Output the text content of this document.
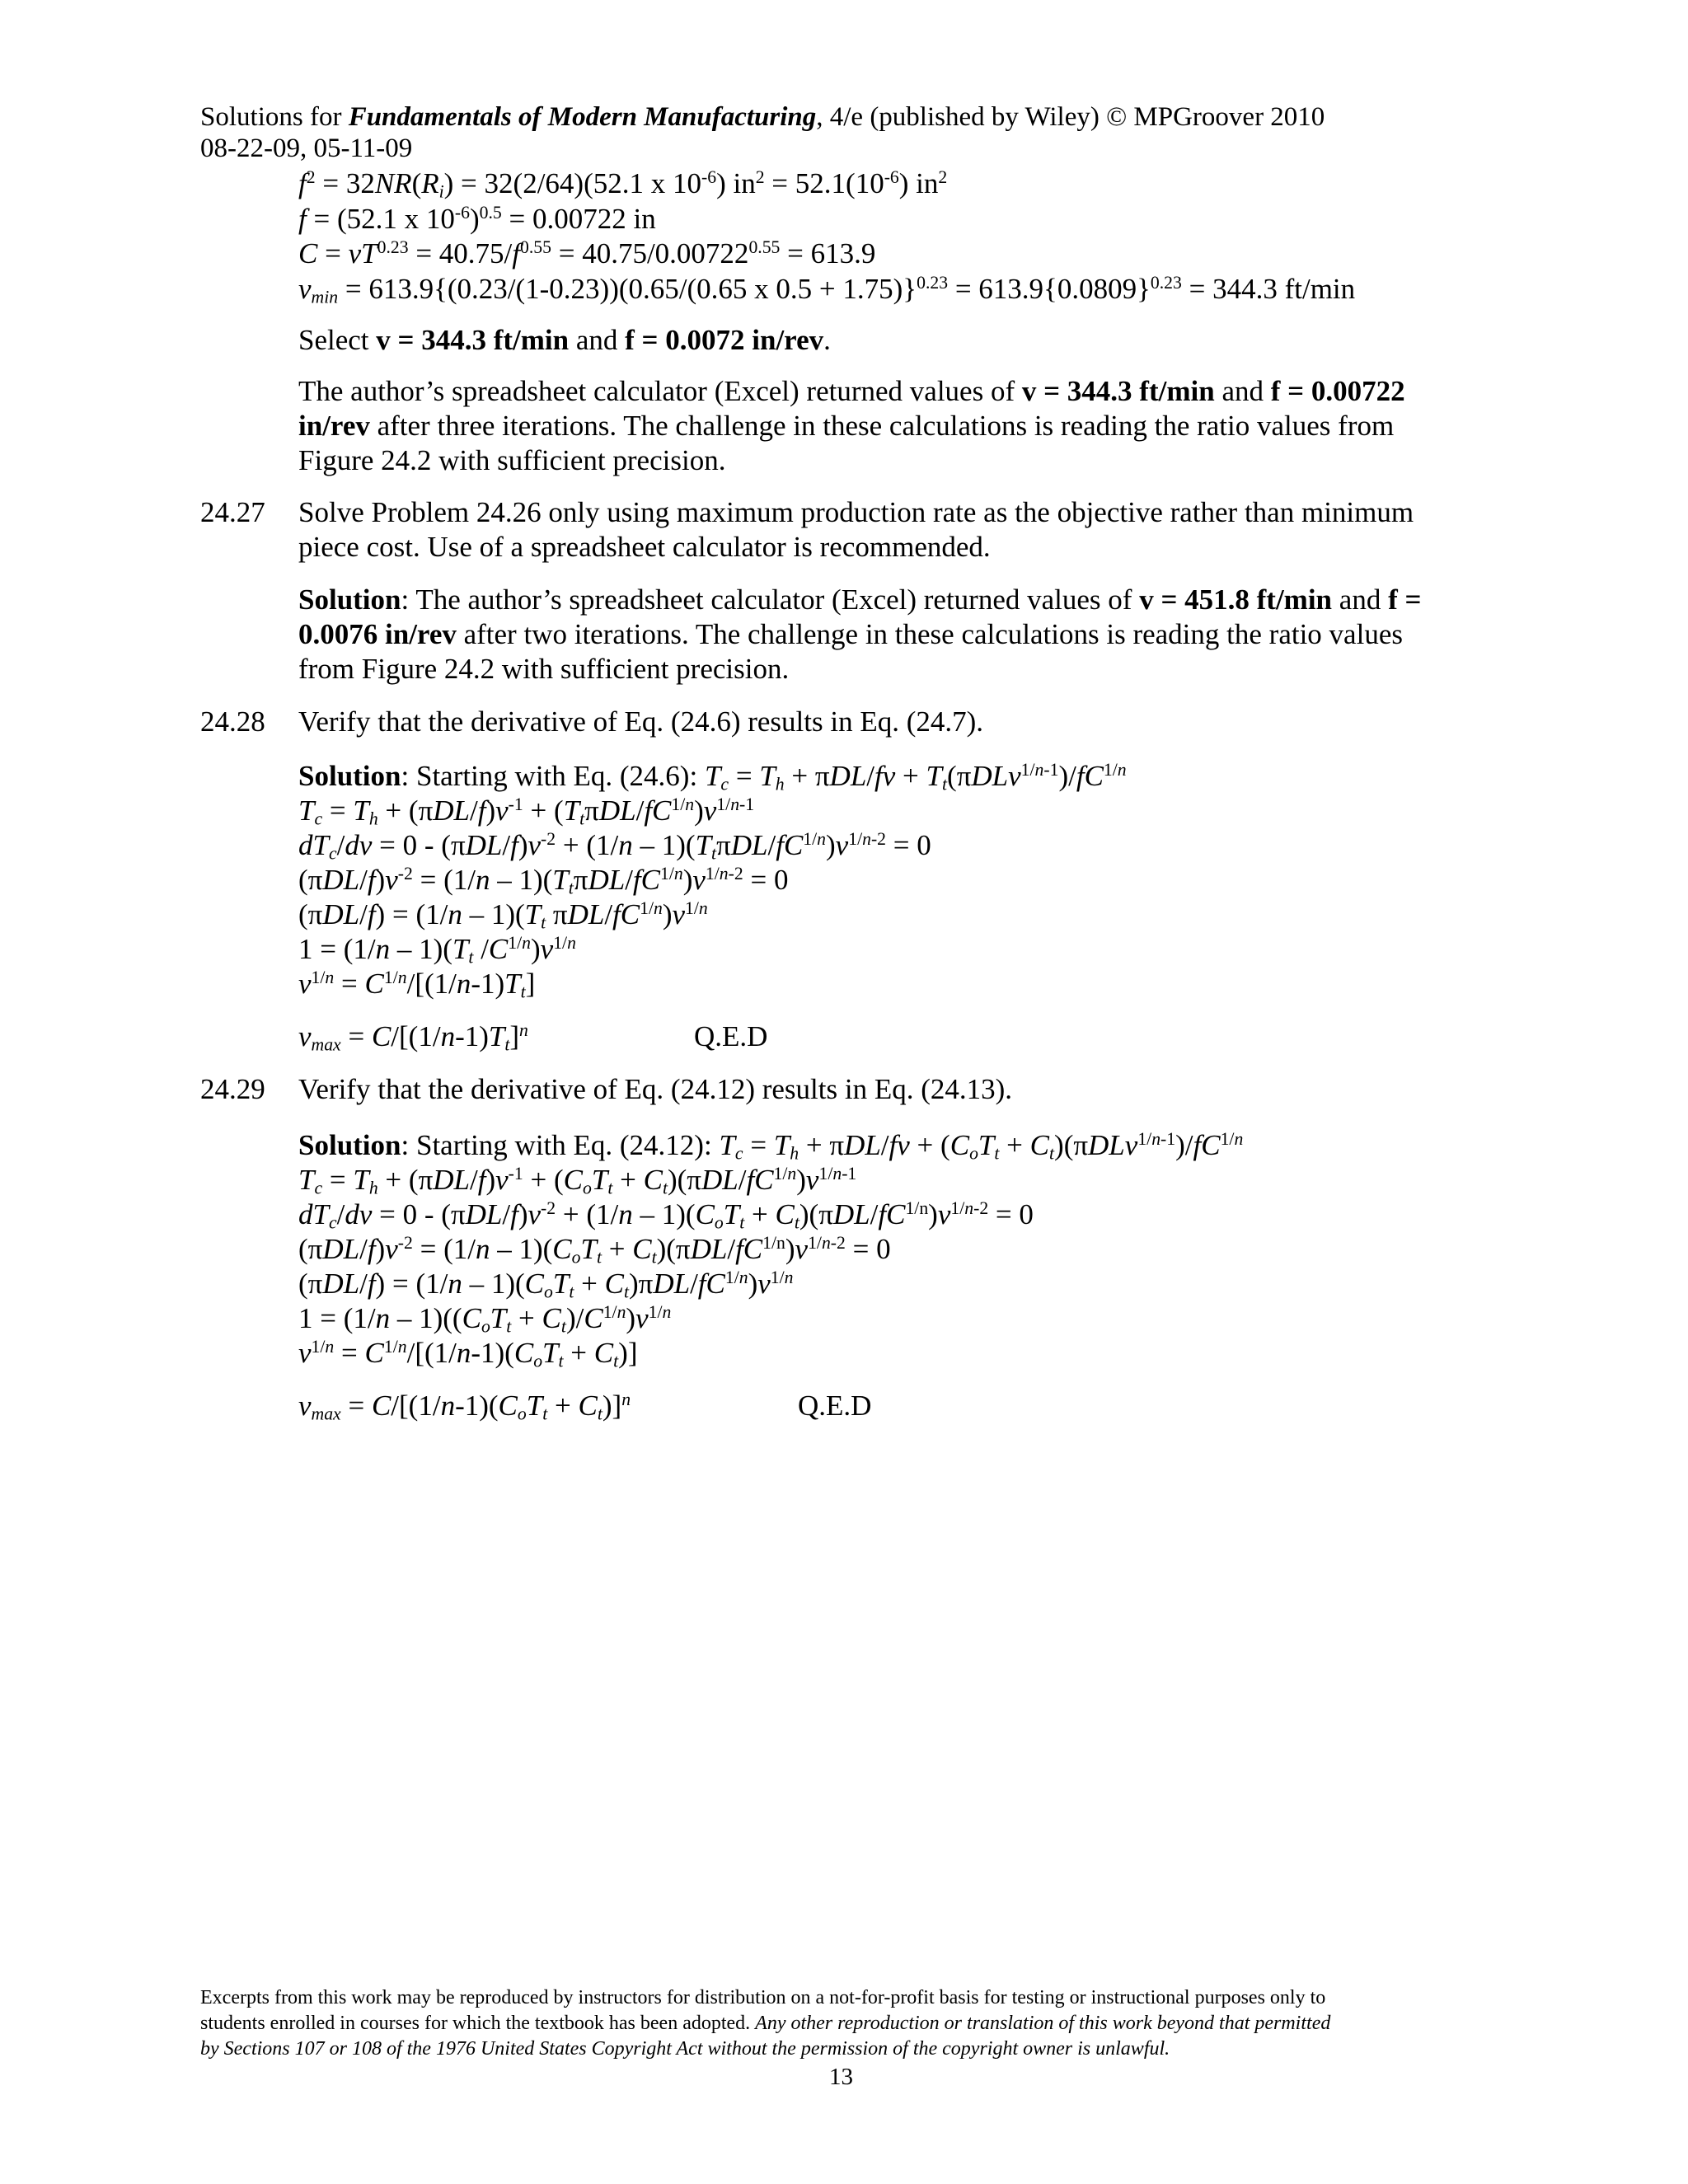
Solutions for Fundamentals of Modern Manufacturing, 4/e (published by Wiley) © MPGroover 2010
08-22-09, 05-11-09
$f^2 = 32NR(R_i) = 32(2/64)(52.1$ x $10^{-6}$) $in^2 = 52.1(10^{-6})$ $in^2$
f = (52.1 x $10^{-6})^{0.5} = 0.00722$ in
$C = vT^{0.23} = 40.75/f^{0.55} = 40.75/0.00722^{0.55} = 613.9$
$v_{min} = 613.9\{(0.23/(1-0.23))(0.65/(0.65$ x $0.5 + 1.75)\}^{0.23} = 613.9\{0.0809\}^{0.23} = 344.3$ ft/min
Select v = 344.3 ft/min and f = 0.0072 in/rev.
The author’s spreadsheet calculator (Excel) returned values of v = 344.3 ft/min and f = 0.00722
in/rev after three iterations. The challenge in these calculations is reading the ratio values from
Figure 24.2 with sufficient precision.
24.27 Solve Problem 24.26 only using maximum production rate as the objective rather than minimum
piece cost. Use of a spreadsheet calculator is recommended.
Solution: The author’s spreadsheet calculator (Excel) returned values of v = 451.8 ft/min and f =
0.0076 in/rev after two iterations. The challenge in these calculations is reading the ratio values
from Figure 24.2 with sufficient precision.
24.28 Verify that the derivative of Eq. (24.6) results in Eq. (24.7).
Solution: Starting with Eq. (24.6): $T_c = T_h + \pi DL/fv + T_t(\pi DLv^{1/n-1})/fC^{1/n}$
$T_c = T_h + (\pi DL/f)v^{-1} + (T_t\pi DL/fC^{1/n})v^{1/n-1}$
$dT_c/dv = 0 - (\pi DL/f)v^{-2} + (1/n - 1)(T_t\pi DL/fC^{1/n})v^{1/n-2} = 0$
$(\pi DL/f)v^{-2} = (1/n - 1)(T_t\pi DL/fC^{1/n})v^{1/n-2} = 0$
$(\pi DL/f) = (1/n - 1)(T_t$ πDL/$fC^{1/n})v^{1/n}$
$1 = (1/n - 1)(T_t$ $/C^{1/n})v^{1/n}$
$v^{1/n} = C^{1/n}/[(1/n-1)T_t]$
$v_{max} = C/[(1/n-1)T_t]^n$	Q.E.D
24.29 Verify that the derivative of Eq. (24.12) results in Eq. (24.13).
Solution: Starting with Eq. (24.12): $T_c = T_h + \pi DL/fv + (C_oT_t + C_t)(\pi DLv^{1/n-1})/fC^{1/n}$
$T_c = T_h + (\pi DL/f)v^{-1} + (C_oT_t + C_t)(\pi DL/fC^{1/n})v^{1/n-1}$
$dT_c/dv = 0 - (\pi DL/f)v^{-2} + (1/n - 1)(C_oT_t + C_t)(\pi DL/fC^{1/n})v^{1/n-2} = 0$
$(\pi DL/f)v^{-2} = (1/n - 1)(C_oT_t + C_t)(\pi DL/fC^{1/n})v^{1/n-2} = 0$
$(\pi DL/f) = (1/n - 1)(C_oT_t + C_t)\pi DL/fC^{1/n})v^{1/n}$
$1 = (1/n - 1)((C_oT_t + C_t)/C^{1/n})v^{1/n}$
$v^{1/n} = C^{1/n}/[(1/n-1)(C_oT_t + C_t)]$
$v_{max} = C/[(1/n-1)(C_oT_t + C_t)]^n$	Q.E.D
Excerpts from this work may be reproduced by instructors for distribution on a not-for-profit basis for testing or instructional purposes only to
students enrolled in courses for which the textbook has been adopted. Any other reproduction or translation of this work beyond that permitted
by Sections 107 or 108 of the 1976 United States Copyright Act without the permission of the copyright owner is unlawful.
13
